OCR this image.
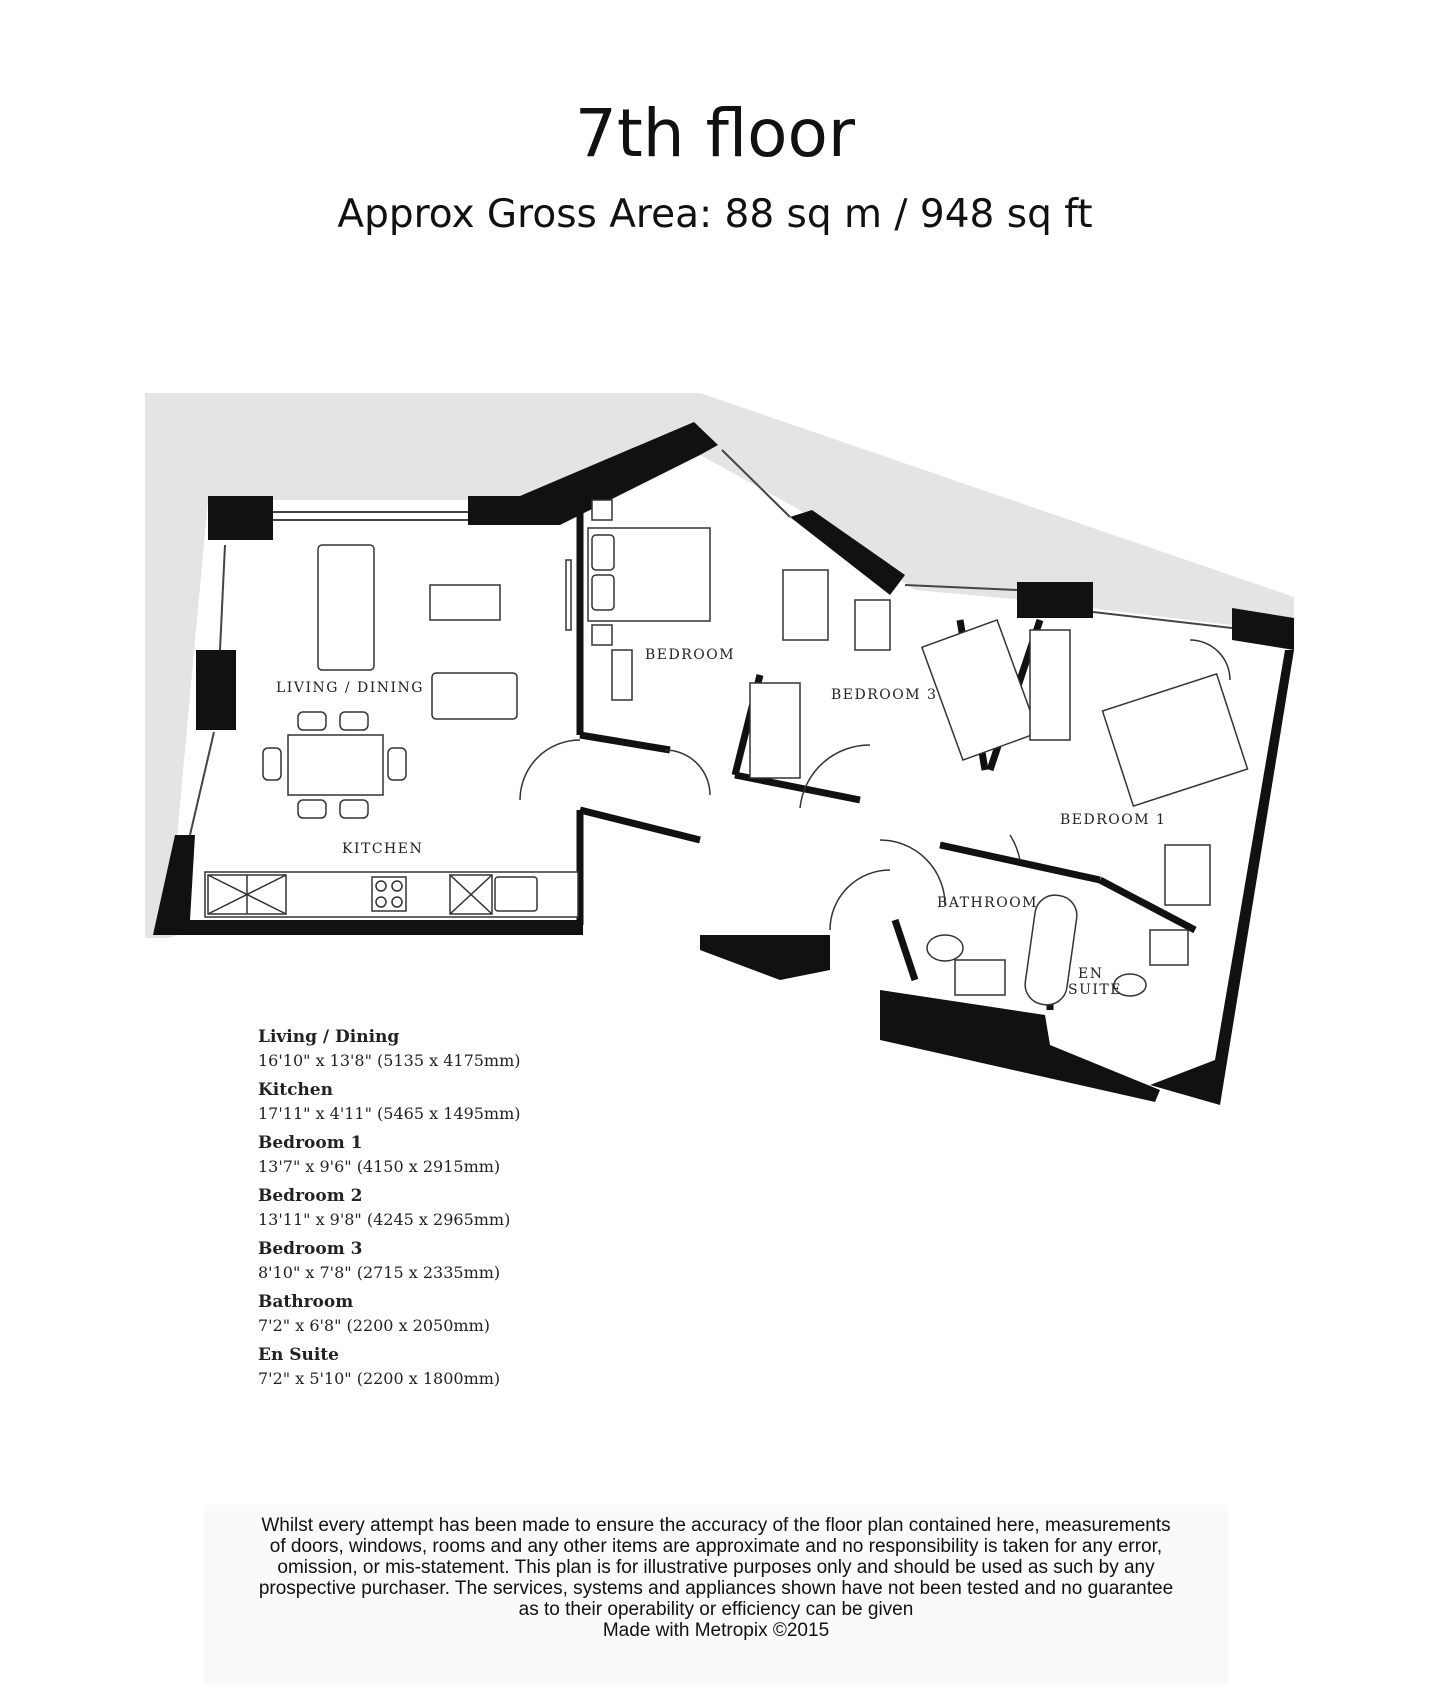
7th floor
Approx Gross Area: 88 sq m / 948 sq ft
LIVING / DINING
KITCHEN
BEDROOM
BEDROOM 3
BEDROOM 1
BATHROOM
EN
SUITE
Living / Dining
16'10" x 13'8" (5135 x 4175mm)
Kitchen
17'11" x 4'11" (5465 x 1495mm)
Bedroom 1
13'7" x 9'6" (4150 x 2915mm)
Bedroom 2
13'11" x 9'8" (4245 x 2965mm)
Bedroom 3
8'10" x 7'8" (2715 x 2335mm)
Bathroom
7'2" x 6'8" (2200 x 2050mm)
En Suite
7'2" x 5'10" (2200 x 1800mm)

Whilst every attempt has been made to ensure the accuracy of the floor plan contained here, measurements

of doors, windows, rooms and any other items are approximate and no responsibility is taken for any error,

omission, or mis-statement. This plan is for illustrative purposes only and should be used as such by any

prospective purchaser. The services, systems and appliances shown have not been tested and no guarantee

as to their operability or efficiency can be given

Made with Metropix ©2015
